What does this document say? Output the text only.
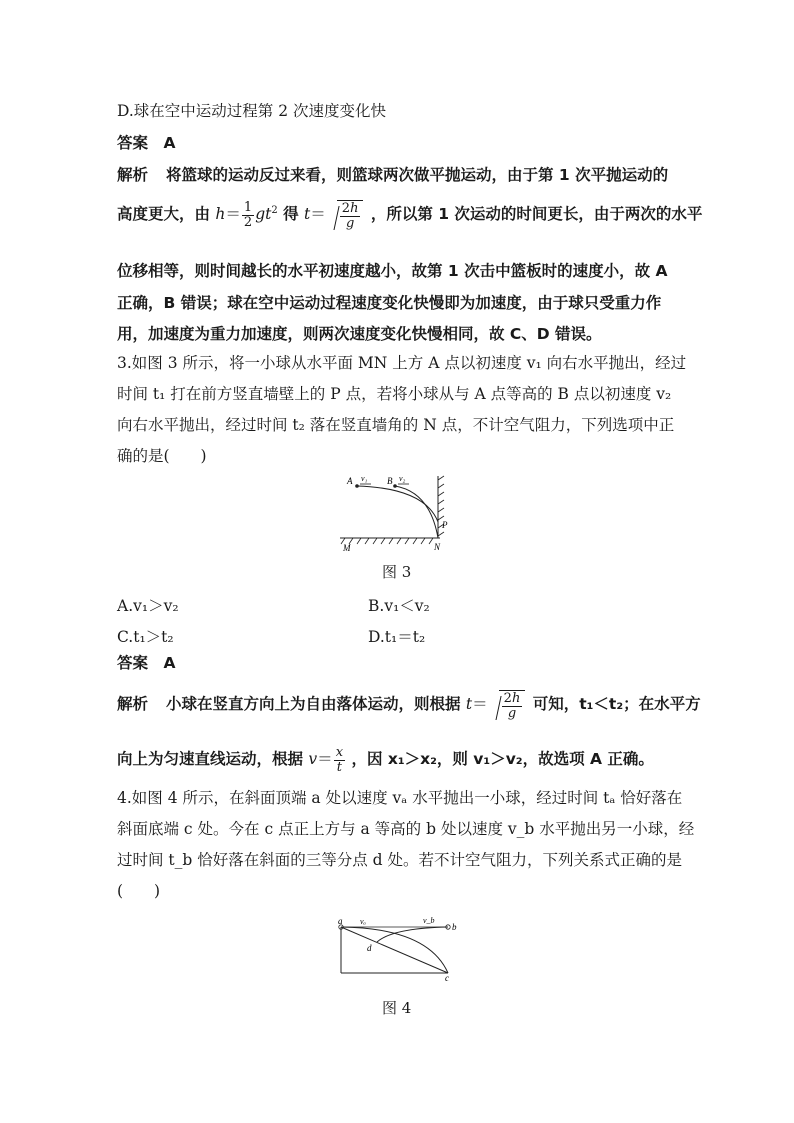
D.球在空中运动过程第 2 次速度变化快
答案　A
解析 将篮球的运动反过来看，则篮球两次做平抛运动，由于第 1 次平抛运动的
高度更大，由 $h= \frac{1}{2} gt^2$ 得 $t= \frac{2h}{g}$ ，所以第 1 次运动的时间更长，由于两次的水平
位移相等，则时间越长的水平初速度越小，故第 1 次击中篮板时的速度小，故 A
正确，B 错误；球在空中运动过程速度变化快慢即为加速度，由于球只受重力作
用，加速度为重力加速度，则两次速度变化快慢相同，故 C、D 错误。
3.如图 3 所示，将一小球从水平面 MN 上方 A 点以初速度 v₁ 向右水平抛出，经过
时间 t₁ 打在前方竖直墙壁上的 P 点，若将小球从与 A 点等高的 B 点以初速度 v₂
向右水平抛出，经过时间 t₂ 落在竖直墙角的 N 点，不计空气阻力，下列选项中正
确的是(　　)
A v₁ B v₂
P
M	N
图 3
A.v₁＞v₂	B.v₁＜v₂
C.t₁＞t₂	D.t₁＝t₂
答案　A
解析 小球在竖直方向上为自由落体运动，则根据 $t= \frac{2h}{g}$ 可知，t₁＜t₂；在水平方
向上为匀速直线运动，根据 $v= \frac{x}{t}$ ，因 x₁＞x₂，则 v₁＞v₂，故选项 A 正确。
4.如图 4 所示，在斜面顶端 a 处以速度 vₐ 水平抛出一小球，经过时间 tₐ 恰好落在
斜面底端 c 处。今在 c 点正上方与 a 等高的 b 处以速度 v_b 水平抛出另一小球，经
过时间 t_b 恰好落在斜面的三等分点 d 处。若不计空气阻力，下列关系式正确的是
(　　)
a vₐ	v_b
b
d
c
图 4
